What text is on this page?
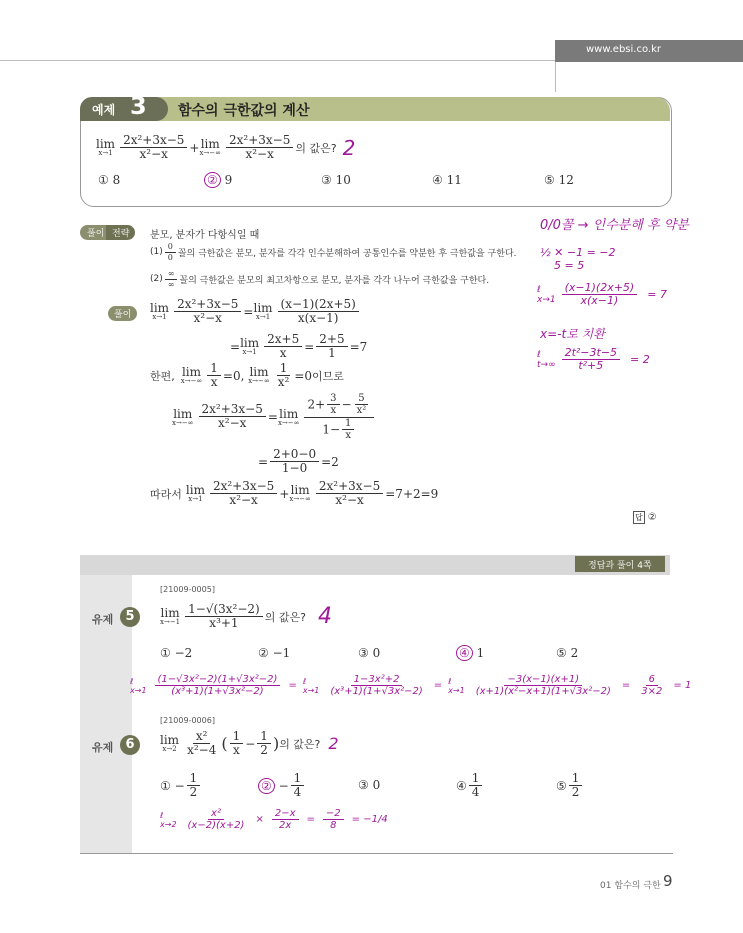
www.ebsi.co.kr
예제 3 함수의 극한값의 계산
lim
$x\to 1 \frac{\text{2x²+3x−5}}{\text{x²−x}} + \lim$
$x\to-\infty \frac{\text{2x²+3x−5}}{\text{x²−x}}$ 의 값은? 2
① 8	② 9	③ 10	④ 11	⑤ 12
풀이 전략	분모, 분자가 다항식일 때
$(1) \frac{0}{0}$ 꼴의 극한값은 분모, 분자를 각각 인수분해하여 공통인수를 약분한 후 극한값을 구한다.
$(2) \frac{\infty}{\infty}$ 꼴의 극한값은 분모의 최고차항으로 분모, 분자를 각각 나누어 극한값을 구한다.
풀이	lim
$x\to 1 \frac{\text{2x²+3x−5}}{\text{x²−x}} = \lim$
$x\to 1 \frac{(x-1)(2x+5)}{x(x-1)}$
= lim
$x\to 1 \frac{2x+5}{x} = \frac{2+5}{1} =7$
한편, lim
$x\to-\infty \frac{1}{x} =0$, lim
$x\to-\infty \frac{1}{\text{x²}} =0$ 이므로
lim
$x\to-\infty \frac{\text{2x²+3x−5}}{\text{x²−x}} = \lim$
$x\to-\infty \frac{2+ \frac{3}{x} - \frac{5}{\text{x²}}}{1- \frac{1}{x}}$
= $\frac{2+0-0}{1-0} =2$
따라서 lim
$x\to 1 \frac{\text{2x²+3x−5}}{\text{x²−x}} + \lim$
$x\to-\infty \frac{\text{2x²+3x−5}}{\text{x²−x}} =7+2=9$
답 ②
0/0꼴 → 인수분해 후 약분
½ ✕ −1 = −2
5 = 5
ℓ
$x\to 1 \frac{(x-1)(2x+5)}{x(x-1)} = 7$
x=-t로 치환
ℓ
$t\to\infty \frac{\text{2t²−3t−5}}{\text{t²+5}} = 2$
정답과 풀이 4쪽
[21009-0005]
유제 5	lim
$x\to-1 \frac{\text{1−√(3x²−2)}}{\text{x³+1}}$ 의 값은? 4
① −2	② −1	③ 0	④ 1	⑤ 2
ℓ
$x\to 1 \frac{\text{(1−√3x²−2)(1+√3x²−2)}}{\text{(x³+1)(1+√3x²−2)}}$ = ℓ
$x\to 1 \frac{\text{1−3x²+2}}{\text{(x³+1)(1+√3x²−2)}}$ = ℓ
$x\to 1 \frac{-3(x-1)(x+1)}{\text{(x+1)(x²−x+1)(1+√3x²−2)}} = \frac{6}{3\times 2} = 1$
[21009-0006]
유제 6	lim
$x\to 2 \frac{\text{x²}}{\text{x²−4}}$ ( $\frac{1}{x} - \frac{1}{2}$ ) 의 값은? 2
① − $\frac{1}{2}$	② − $\frac{1}{4}$	③ 0	④ $\frac{1}{4}$	⑤ $\frac{1}{2}$
ℓ
$x\to 2 \frac{\text{x²}}{(x-2)(x+2)} \times \frac{2-x}{2x} = \frac{-2}{8} = -1/4$
01 함수의 극한 9
